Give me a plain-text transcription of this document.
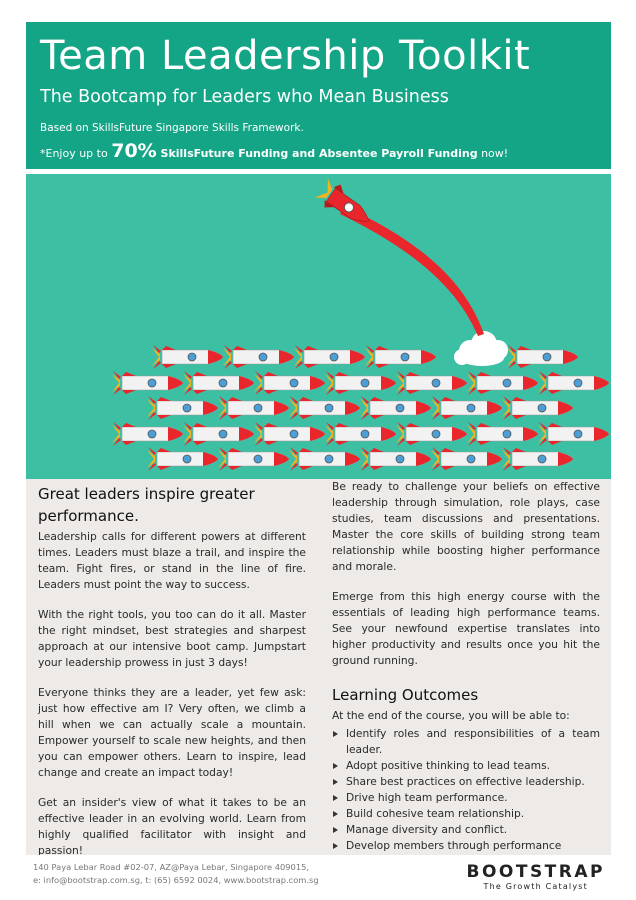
Team Leadership Toolkit
The Bootcamp for Leaders who Mean Business
Based on SkillsFuture Singapore Skills Framework.
*Enjoy up to 70% SkillsFuture Funding and Absentee Payroll Funding now!
Great leaders inspire greater performance.

Leadership calls for different powers at different times. Leaders must blaze a trail, and inspire the team. Fight fires, or stand in the line of fire. Leaders must point the way to success.

With the right tools, you too can do it all. Master the right mindset, best strategies and sharpest approach at our intensive boot camp. Jumpstart your leadership prowess in just 3 days!

Everyone thinks they are a leader, yet few ask: just how effective am I? Very often, we climb a hill when we can actually scale a mountain. Empower yourself to scale new heights, and then you can empower others. Learn to inspire, lead change and create an impact today!

Get an insider's view of what it takes to be an effective leader in an evolving world. Learn from highly qualified facilitator with insight and passion!

Be ready to challenge your beliefs on effective leadership through simulation, role plays, case studies, team discussions and presentations. Master the core skills of building strong team relationship while boosting higher performance and morale.

Emerge from this high energy course with the essentials of leading high performance teams. See your newfound expertise translates into higher productivity and results once you hit the ground running.

Learning Outcomes
At the end of the course, you will be able to:
Identify roles and responsibilities of a team leader.
Adopt positive thinking to lead teams.
Share best practices on effective leadership.
Drive high team performance.
Build cohesive team relationship.
Manage diversity and conflict.
Develop members through performance
140 Paya Lebar Road #02-07, AZ@Paya Lebar, Singapore 409015,
e: info@bootstrap.com.sg, t: (65) 6592 0024, www.bootstrap.com.sg	BOOTSTRAP
The Growth Catalyst
